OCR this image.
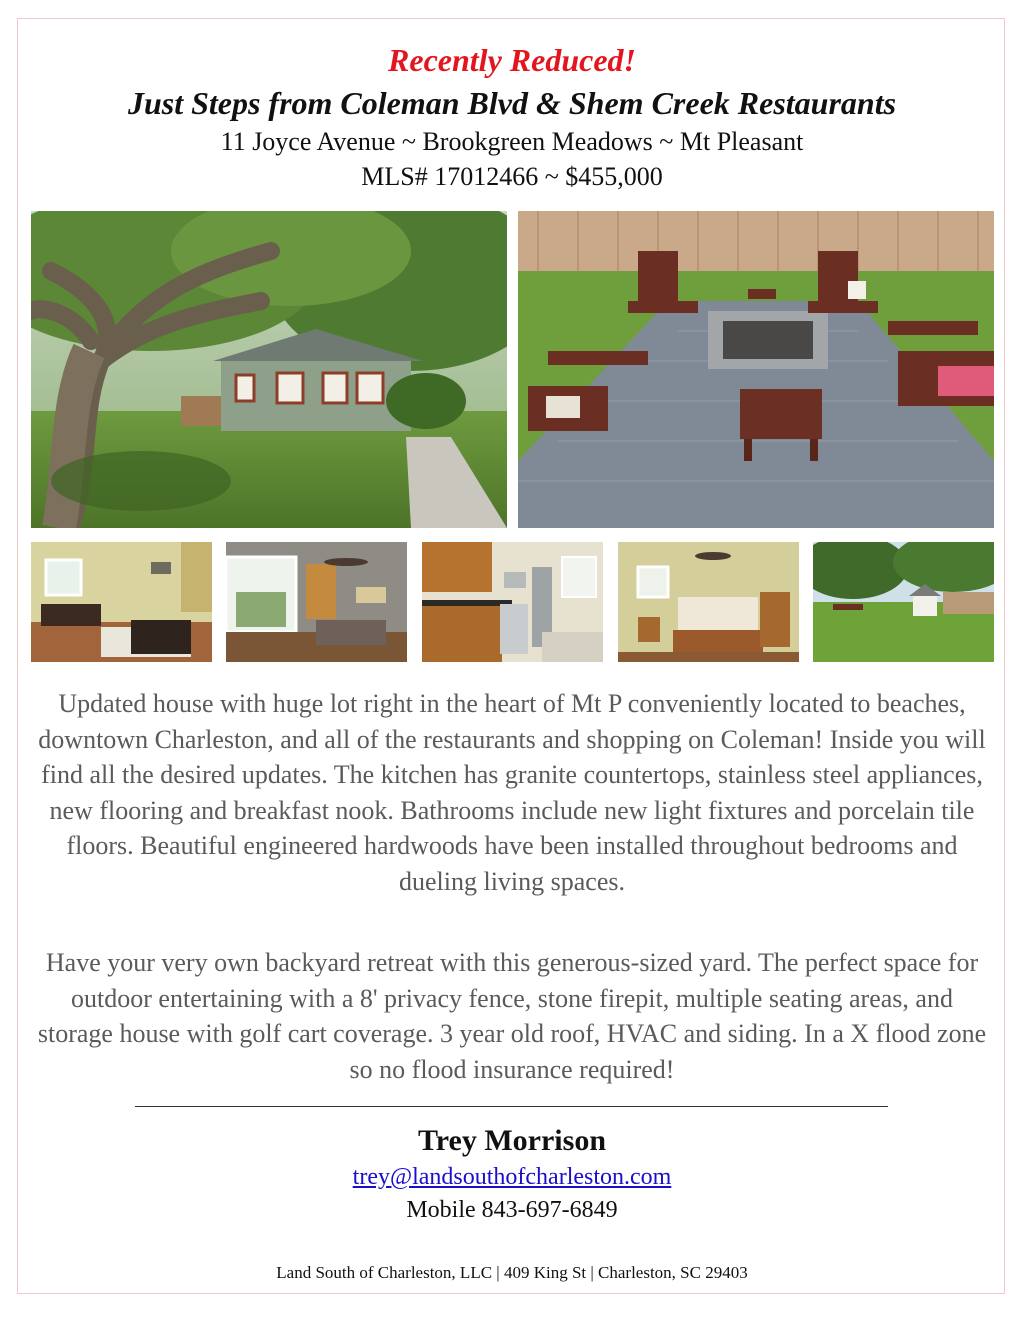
Recently Reduced!
Just Steps from Coleman Blvd & Shem Creek Restaurants
11 Joyce Avenue ~ Brookgreen Meadows ~ Mt Pleasant
MLS# 17012466 ~ $455,000

Updated house with huge lot right in the heart of Mt P conveniently located to beaches, downtown Charleston, and all of the restaurants and shopping on Coleman! Inside you will find all the desired updates. The kitchen has granite countertops, stainless steel appliances, new flooring and breakfast nook. Bathrooms include new light fixtures and porcelain tile floors. Beautiful engineered hardwoods have been installed throughout bedrooms and dueling living spaces.

Have your very own backyard retreat with this generous-sized yard. The perfect space for outdoor entertaining with a 8' privacy fence, stone firepit, multiple seating areas, and storage house with golf cart coverage. 3 year old roof, HVAC and siding. In a X flood zone so no flood insurance required!

Trey Morrison
trey@landsouthofcharleston.com
Mobile 843-697-6849
Land South of Charleston, LLC | 409 King St | Charleston, SC 29403
